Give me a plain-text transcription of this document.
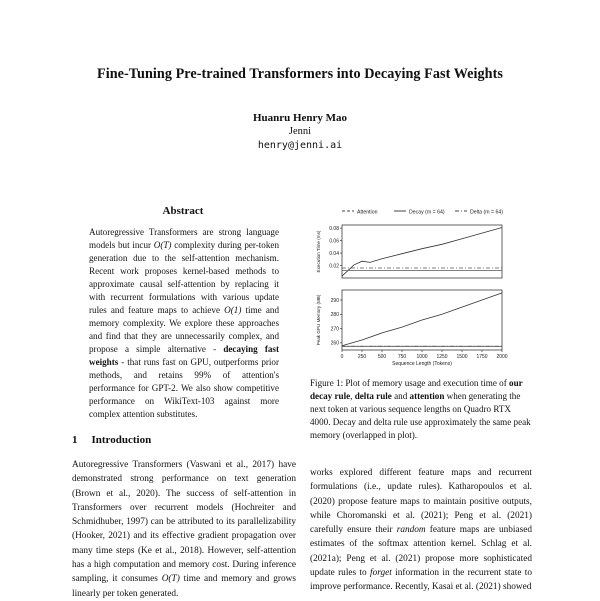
Fine-Tuning Pre-trained Transformers into Decaying Fast Weights
Huanru Henry Mao
Jenni
henry@jenni.ai
Abstract
Autoregressive Transformers are strong language models but incur O(T) complexity during per-token generation due to the self-attention mechanism. Recent work proposes kernel-based methods to approximate causal self-attention by replacing it with recurrent formulations with various update rules and feature maps to achieve O(1) time and memory complexity. We explore these approaches and find that they are unnecessarily complex, and propose a simple alternative - decaying fast weights - that runs fast on GPU, outperforms prior methods, and retains 99% of attention's performance for GPT-2. We also show competitive performance on WikiText-103 against more complex attention substitutes.
1 Introduction
Autoregressive Transformers (Vaswani et al., 2017) have demonstrated strong performance on text generation (Brown et al., 2020). The success of self-attention in Transformers over recurrent models (Hochreiter and Schmidhuber, 1997) can be attributed to its parallelizability (Hooker, 2021) and its effective gradient propagation over many time steps (Ke et al., 2018). However, self-attention has a high computation and memory cost. During inference sampling, it consumes O(T) time and memory and grows linearly per token generated.
works explored different feature maps and recurrent formulations (i.e., update rules). Katharopoulos et al. (2020) propose feature maps to maintain positive outputs, while Choromanski et al. (2021); Peng et al. (2021) carefully ensure their random feature maps are unbiased estimates of the softmax attention kernel. Schlag et al. (2021a); Peng et al. (2021) propose more sophisticated update rules to forget information in the recurrent state to improve performance. Recently, Kasai et al. (2021) showed
Figure 1: Plot of memory usage and execution time of our decay rule, delta rule and attention when generating the next token at various sequence lengths on Quadro RTX 4000. Decay and delta rule use approximately the same peak memory (overlapped in plot).
Attention	Decay (m = 64)	Delta (m = 64)
0.02
0.04
0.06
0.08
Execution Time (ms)
260
270
280
290
0	250 500 750 1000 1250 1500 1750 2000
Peak GPU Memory (MB)
Sequence Length (Tokens)
